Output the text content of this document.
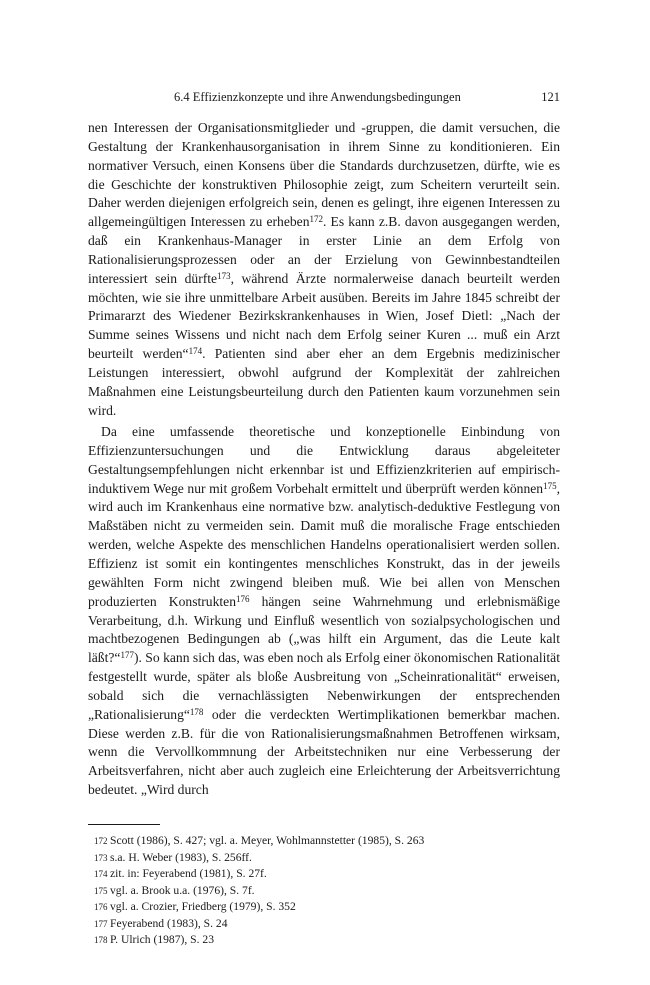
6.4 Effizienzkonzepte und ihre Anwendungsbedingungen	121

nen Interessen der Organisationsmitglieder und -gruppen, die damit versuchen, die Gestaltung der Krankenhausorganisation in ihrem Sinne zu konditionieren. Ein normativer Versuch, einen Konsens über die Standards durchzusetzen, dürfte, wie es die Geschichte der konstruktiven Philosophie zeigt, zum Scheitern verurteilt sein. Daher werden diejenigen erfolgreich sein, denen es gelingt, ihre eigenen Interessen zu allgemeingültigen Interessen zu erheben$^{172}$. Es kann z.B. davon ausgegangen werden, daß ein Krankenhaus-Manager in erster Linie an dem Erfolg von Rationalisierungsprozessen oder an der Erzielung von Gewinnbestandteilen interessiert sein dürfte$^{173}$, während Ärzte normalerweise danach beurteilt werden möchten, wie sie ihre unmittelbare Arbeit ausüben. Bereits im Jahre 1845 schreibt der Primararzt des Wiedener Bezirkskrankenhauses in Wien, Josef Dietl: „Nach der Summe seines Wissens und nicht nach dem Erfolg seiner Kuren ... muß ein Arzt beurteilt werden“$^{174}$. Patienten sind aber eher an dem Ergebnis medizinischer Leistungen interessiert, obwohl aufgrund der Komplexität der zahlreichen Maßnahmen eine Leistungsbeurteilung durch den Patienten kaum vorzunehmen sein wird.

Da eine umfassende theoretische und konzeptionelle Einbindung von Effizienzuntersuchungen und die Entwicklung daraus abgeleiteter Gestaltungsempfehlungen nicht erkennbar ist und Effizienzkriterien auf empirisch-induktivem Wege nur mit großem Vorbehalt ermittelt und überprüft werden können$^{175}$, wird auch im Krankenhaus eine normative bzw. analytisch-deduktive Festlegung von Maßstäben nicht zu vermeiden sein. Damit muß die moralische Frage entschieden werden, welche Aspekte des menschlichen Handelns operationalisiert werden sollen. Effizienz ist somit ein kontingentes menschliches Konstrukt, das in der jeweils gewählten Form nicht zwingend bleiben muß. Wie bei allen von Menschen produzierten Konstrukten$^{176}$ hängen seine Wahrnehmung und erlebnismäßige Verarbeitung, d.h. Wirkung und Einfluß wesentlich von sozialpsychologischen und machtbezogenen Bedingungen ab („was hilft ein Argument, das die Leute kalt läßt?“$^{177}$). So kann sich das, was eben noch als Erfolg einer ökonomischen Rationalität festgestellt wurde, später als bloße Ausbreitung von „Scheinrationalität“ erweisen, sobald sich die vernachlässigten Nebenwirkungen der entsprechenden „Rationalisierung“$^{178}$ oder die verdeckten Wertimplikationen bemerkbar machen. Diese werden z.B. für die von Rationalisierungsmaßnahmen Betroffenen wirksam, wenn die Vervollkommnung der Arbeitstechniken nur eine Verbesserung der Arbeitsverfahren, nicht aber auch zugleich eine Erleichterung der Arbeitsverrichtung bedeutet. „Wird durch

172 Scott (1986), S. 427; vgl. a. Meyer, Wohlmannstetter (1985), S. 263
173 s.a. H. Weber (1983), S. 256ff.
174 zit. in: Feyerabend (1981), S. 27f.
175 vgl. a. Brook u.a. (1976), S. 7f.
176 vgl. a. Crozier, Friedberg (1979), S. 352
177 Feyerabend (1983), S. 24
178 P. Ulrich (1987), S. 23
